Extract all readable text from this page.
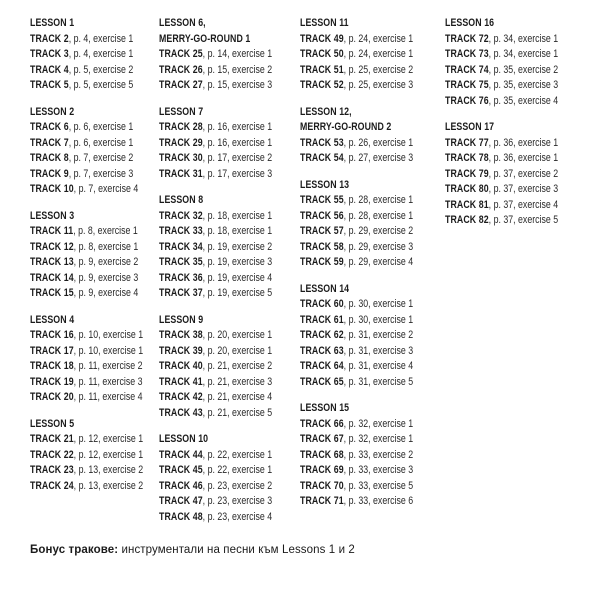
LESSON 1
TRACK 2, p. 4, exercise 1
TRACK 3, p. 4, exercise 1
TRACK 4, p. 5, exercise 2
TRACK 5, p. 5, exercise 5
LESSON 2
TRACK 6, p. 6, exercise 1
TRACK 7, p. 6, exercise 1
TRACK 8, p. 7, exercise 2
TRACK 9, p. 7, exercise 3
TRACK 10, p. 7, exercise 4
LESSON 3
TRACK 11, p. 8, exercise 1
TRACK 12, p. 8, exercise 1
TRACK 13, p. 9, exercise 2
TRACK 14, p. 9, exercise 3
TRACK 15, p. 9, exercise 4
LESSON 4
TRACK 16, p. 10, exercise 1
TRACK 17, p. 10, exercise 1
TRACK 18, p. 11, exercise 2
TRACK 19, p. 11, exercise 3
TRACK 20, p. 11, exercise 4
LESSON 5
TRACK 21, p. 12, exercise 1
TRACK 22, p. 12, exercise 1
TRACK 23, p. 13, exercise 2
TRACK 24, p. 13, exercise 2
LESSON 6,
MERRY-GO-ROUND 1
TRACK 25, p. 14, exercise 1
TRACK 26, p. 15, exercise 2
TRACK 27, p. 15, exercise 3
LESSON 7
TRACK 28, p. 16, exercise 1
TRACK 29, p. 16, exercise 1
TRACK 30, p. 17, exercise 2
TRACK 31, p. 17, exercise 3
LESSON 8
TRACK 32, p. 18, exercise 1
TRACK 33, p. 18, exercise 1
TRACK 34, p. 19, exercise 2
TRACK 35, p. 19, exercise 3
TRACK 36, p. 19, exercise 4
TRACK 37, p. 19, exercise 5
LESSON 9
TRACK 38, p. 20, exercise 1
TRACK 39, p. 20, exercise 1
TRACK 40, p. 21, exercise 2
TRACK 41, p. 21, exercise 3
TRACK 42, p. 21, exercise 4
TRACK 43, p. 21, exercise 5
LESSON 10
TRACK 44, p. 22, exercise 1
TRACK 45, p. 22, exercise 1
TRACK 46, p. 23, exercise 2
TRACK 47, p. 23, exercise 3
TRACK 48, p. 23, exercise 4
LESSON 11
TRACK 49, p. 24, exercise 1
TRACK 50, p. 24, exercise 1
TRACK 51, p. 25, exercise 2
TRACK 52, p. 25, exercise 3
LESSON 12,
MERRY-GO-ROUND 2
TRACK 53, p. 26, exercise 1
TRACK 54, p. 27, exercise 3
LESSON 13
TRACK 55, p. 28, exercise 1
TRACK 56, p. 28, exercise 1
TRACK 57, p. 29, exercise 2
TRACK 58, p. 29, exercise 3
TRACK 59, p. 29, exercise 4
LESSON 14
TRACK 60, p. 30, exercise 1
TRACK 61, p. 30, exercise 1
TRACK 62, p. 31, exercise 2
TRACK 63, p. 31, exercise 3
TRACK 64, p. 31, exercise 4
TRACK 65, p. 31, exercise 5
LESSON 15
TRACK 66, p. 32, exercise 1
TRACK 67, p. 32, exercise 1
TRACK 68, p. 33, exercise 2
TRACK 69, p. 33, exercise 3
TRACK 70, p. 33, exercise 5
TRACK 71, p. 33, exercise 6
LESSON 16
TRACK 72, p. 34, exercise 1
TRACK 73, p. 34, exercise 1
TRACK 74, p. 35, exercise 2
TRACK 75, p. 35, exercise 3
TRACK 76, p. 35, exercise 4
LESSON 17
TRACK 77, p. 36, exercise 1
TRACK 78, p. 36, exercise 1
TRACK 79, p. 37, exercise 2
TRACK 80, p. 37, exercise 3
TRACK 81, p. 37, exercise 4
TRACK 82, p. 37, exercise 5
Бонус тракове: инструментали на песни към Lessons 1 и 2
